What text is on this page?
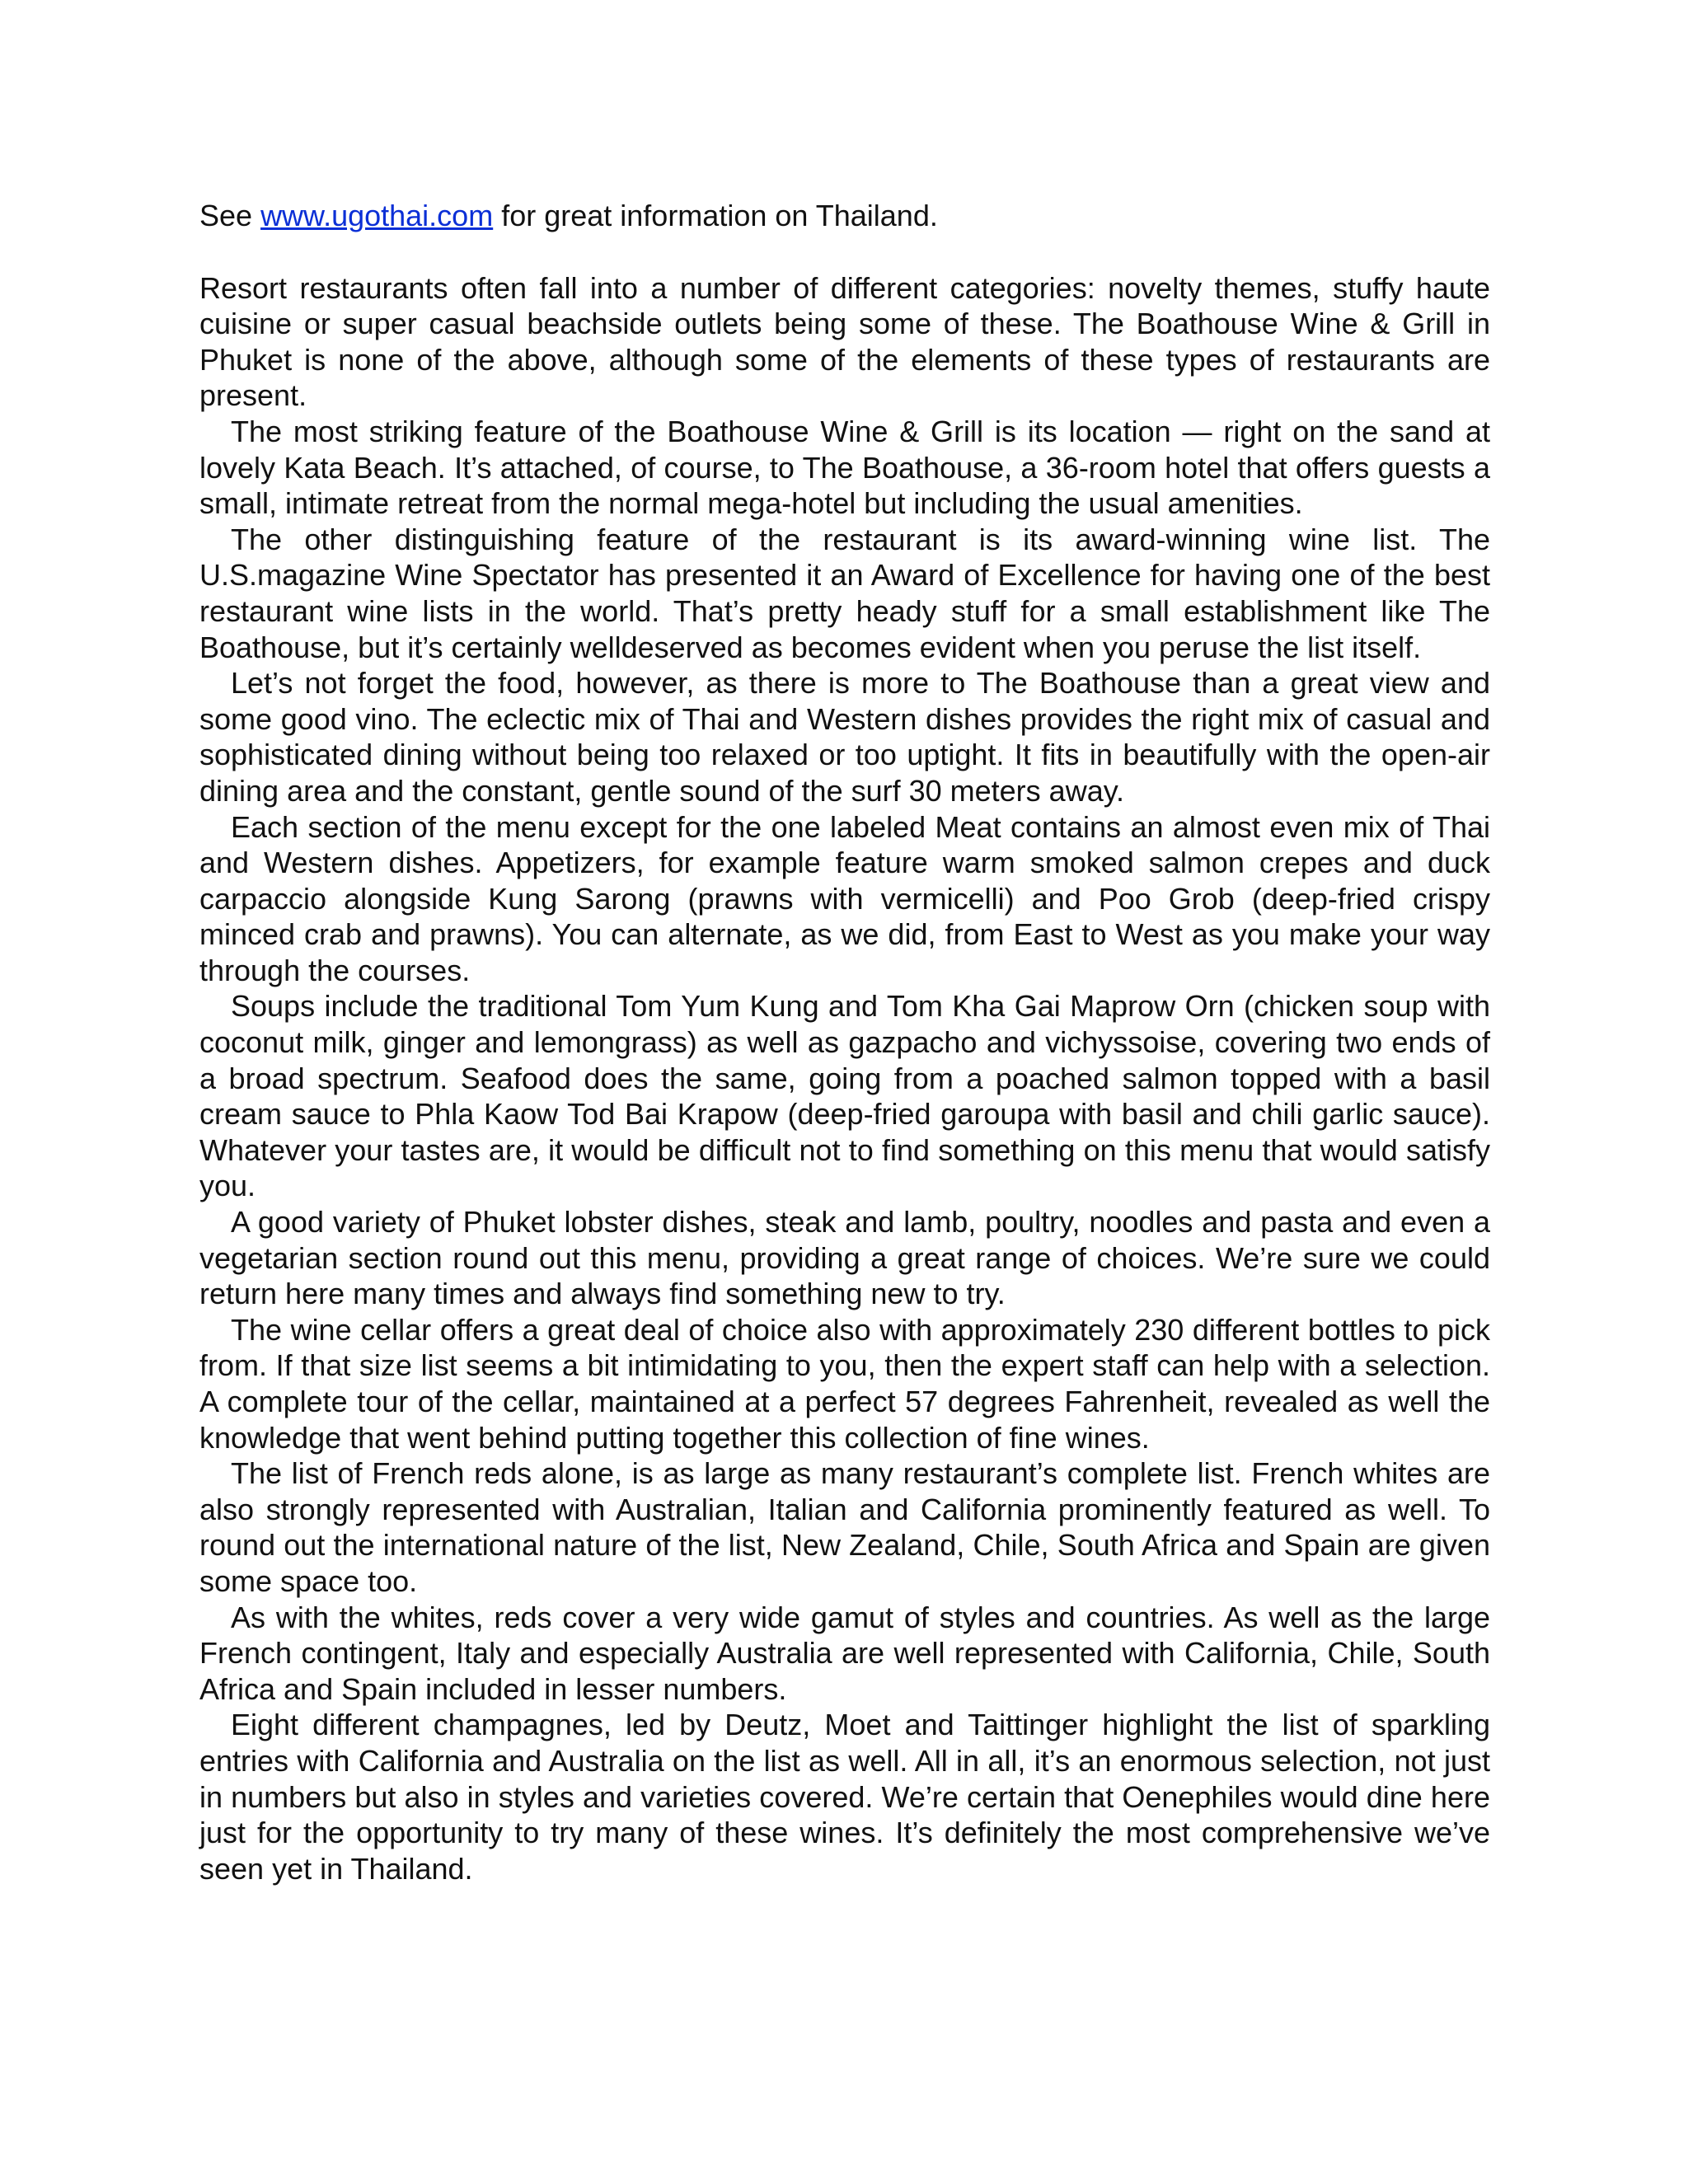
See www.ugothai.com for great information on Thailand.

Resort restaurants often fall into a number of different categories: novelty themes, stuffy haute cuisine or super casual beachside outlets being some of these. The Boathouse Wine & Grill in Phuket is none of the above, although some of the elements of these types of restaurants are present.

The most striking feature of the Boathouse Wine & Grill is its location — right on the sand at lovely Kata Beach. It’s attached, of course, to The Boathouse, a 36-room hotel that offers guests a small, intimate retreat from the normal mega-hotel but including the usual amenities.

The other distinguishing feature of the restaurant is its award-winning wine list. The U.S.magazine Wine Spectator has presented it an Award of Excellence for having one of the best restaurant wine lists in the world. That’s pretty heady stuff for a small establishment like The Boathouse, but it’s certainly welldeserved as becomes evident when you peruse the list itself.

Let’s not forget the food, however, as there is more to The Boathouse than a great view and some good vino. The eclectic mix of Thai and Western dishes provides the right mix of casual and sophisticated dining without being too relaxed or too uptight. It fits in beautifully with the open-air dining area and the constant, gentle sound of the surf 30 meters away.

Each section of the menu except for the one labeled Meat contains an almost even mix of Thai and Western dishes. Appetizers, for example feature warm smoked salmon crepes and duck carpaccio alongside Kung Sarong (prawns with vermicelli) and Poo Grob (deep-fried crispy minced crab and prawns). You can alternate, as we did, from East to West as you make your way through the courses.

Soups include the traditional Tom Yum Kung and Tom Kha Gai Maprow Orn (chicken soup with coconut milk, ginger and lemongrass) as well as gazpacho and vichyssoise, covering two ends of a broad spectrum. Seafood does the same, going from a poached salmon topped with a basil cream sauce to Phla Kaow Tod Bai Krapow (deep-fried garoupa with basil and chili garlic sauce). Whatever your tastes are, it would be difficult not to find something on this menu that would satisfy you.

A good variety of Phuket lobster dishes, steak and lamb, poultry, noodles and pasta and even a vegetarian section round out this menu, providing a great range of choices. We’re sure we could return here many times and always find something new to try.

The wine cellar offers a great deal of choice also with approximately 230 different bottles to pick from. If that size list seems a bit intimidating to you, then the expert staff can help with a selection. A complete tour of the cellar, maintained at a perfect 57 degrees Fahrenheit, revealed as well the knowledge that went behind putting together this collection of fine wines.

The list of French reds alone, is as large as many restaurant’s complete list. French whites are also strongly represented with Australian, Italian and California prominently featured as well. To round out the international nature of the list, New Zealand, Chile, South Africa and Spain are given some space too.

As with the whites, reds cover a very wide gamut of styles and countries. As well as the large French contingent, Italy and especially Australia are well represented with California, Chile, South Africa and Spain included in lesser numbers.

Eight different champagnes, led by Deutz, Moet and Taittinger highlight the list of sparkling entries with California and Australia on the list as well. All in all, it’s an enormous selection, not just in numbers but also in styles and varieties covered. We’re certain that Oenephiles would dine here just for the opportunity to try many of these wines. It’s definitely the most comprehensive we’ve seen yet in Thailand.
